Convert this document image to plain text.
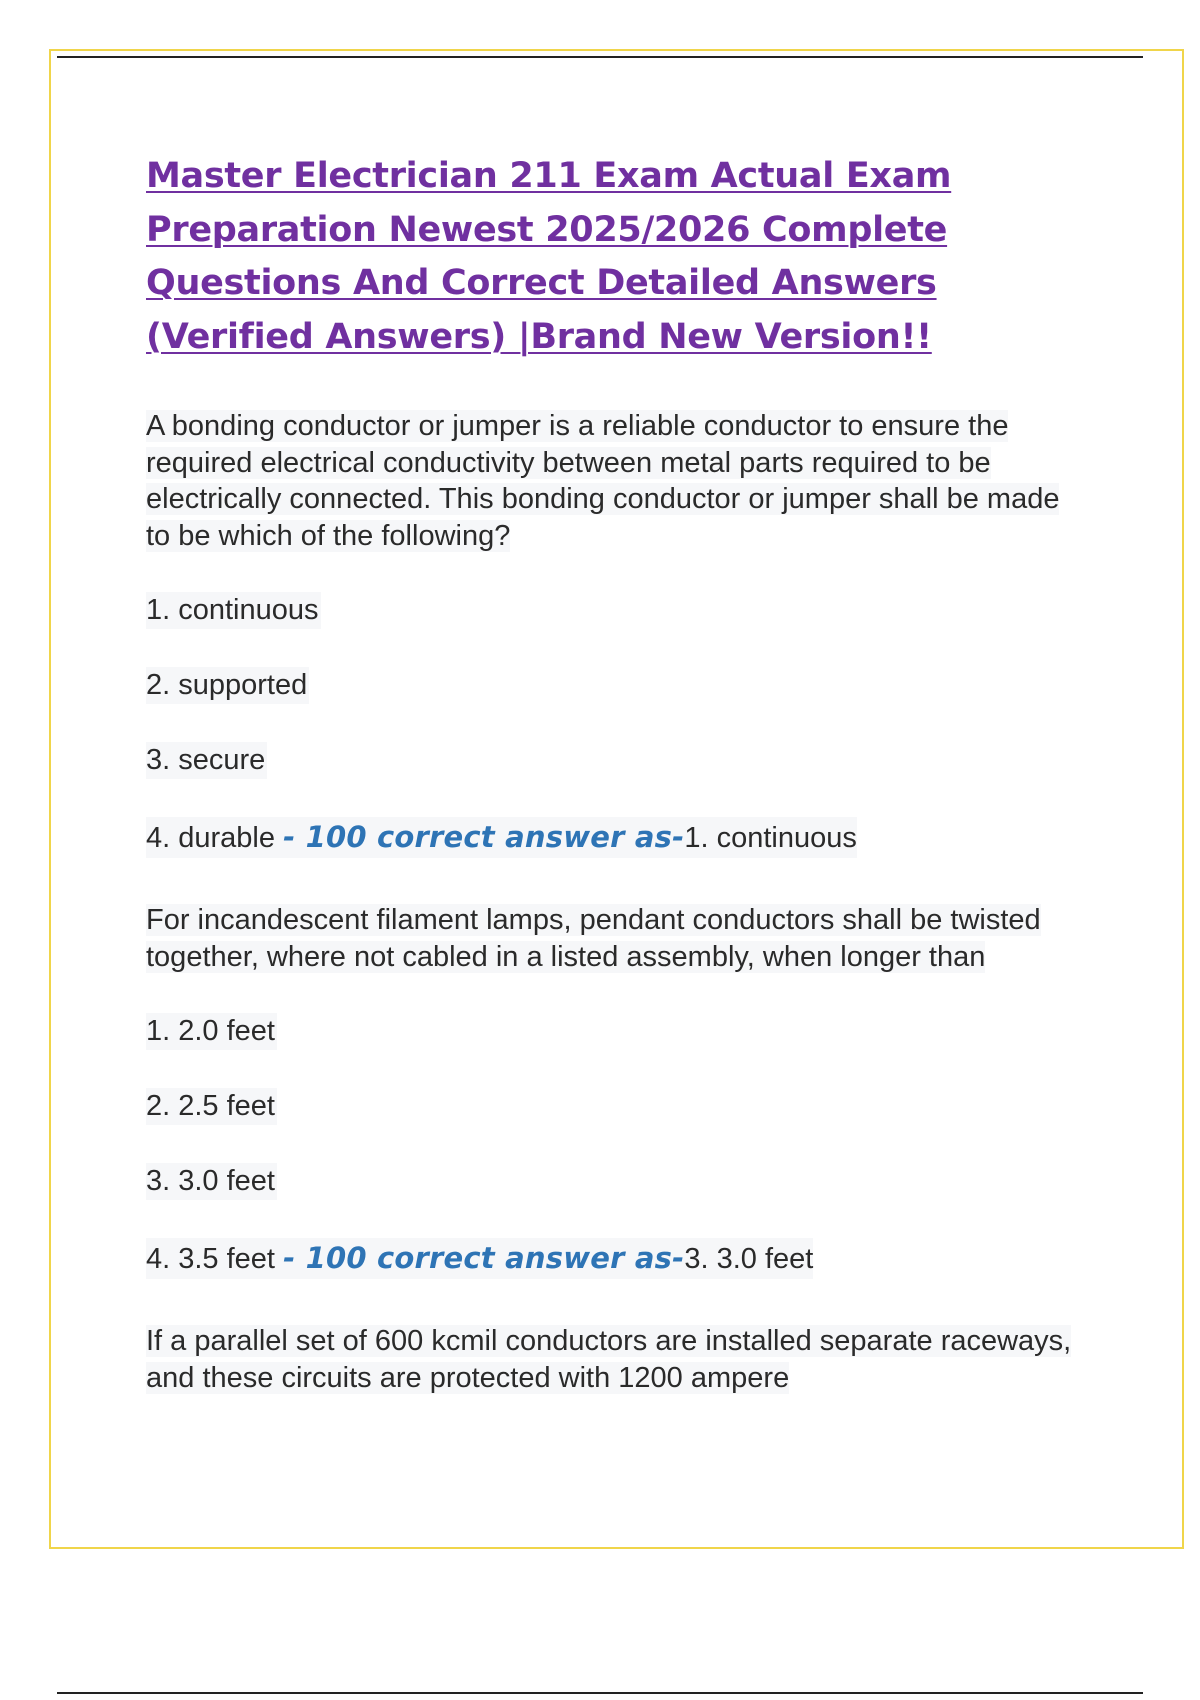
Master Electrician 211 Exam Actual Exam Preparation Newest 2025/2026 Complete Questions And Correct Detailed Answers (Verified Answers) |Brand New Version!!

A bonding conductor or jumper is a reliable conductor to ensure the required electrical conductivity between metal parts required to be electrically connected. This bonding conductor or jumper shall be made to be which of the following?

1. continuous

2. supported

3. secure

4. durable - 100 correct answer as-1. continuous

For incandescent filament lamps, pendant conductors shall be twisted together, where not cabled in a listed assembly, when longer than

1. 2.0 feet

2. 2.5 feet

3. 3.0 feet

4. 3.5 feet - 100 correct answer as-3. 3.0 feet

If a parallel set of 600 kcmil conductors are installed separate raceways, and these circuits are protected with 1200 ampere
